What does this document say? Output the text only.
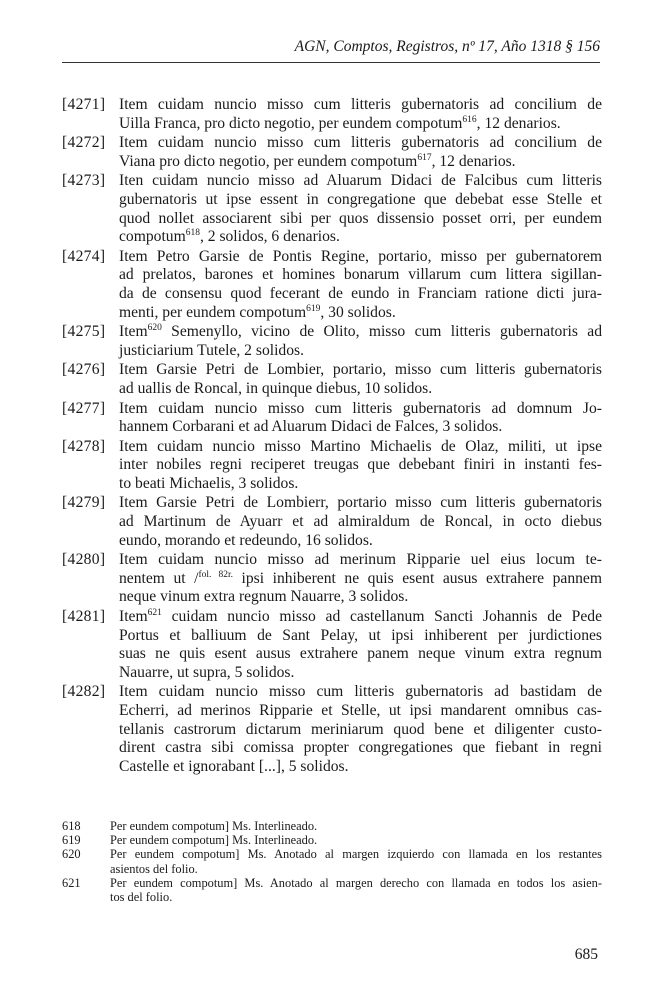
AGN, Comptos, Registros, nº 17, Año 1318 § 156
[4271] Item cuidam nuncio misso cum litteris gubernatoris ad concilium de
Uilla Franca, pro dicto negotio, per eundem compotum$^{616}$, 12 denarios.
[4272] Item cuidam nuncio misso cum litteris gubernatoris ad concilium de
Viana pro dicto negotio, per eundem compotum$^{617}$, 12 denarios.
[4273] Iten cuidam nuncio misso ad Aluarum Didaci de Falcibus cum litteris
gubernatoris ut ipse essent in congregatione que debebat esse Stelle et
quod nollet associarent sibi per quos dissensio posset orri, per eundem
compotum$^{618}$, 2 solidos, 6 denarios.
[4274] Item Petro Garsie de Pontis Regine, portario, misso per gubernatorem
ad prelatos, barones et homines bonarum villarum cum littera sigillan-
da de consensu quod fecerant de eundo in Franciam ratione dicti jura-
menti, per eundem compotum$^{619}$, 30 solidos.
[4275] Item$^{620}$ Semenyllo, vicino de Olito, misso cum litteris gubernatoris ad
justiciarium Tutele, 2 solidos.
[4276] Item Garsie Petri de Lombier, portario, misso cum litteris gubernatoris
ad uallis de Roncal, in quinque diebus, 10 solidos.
[4277] Item cuidam nuncio misso cum litteris gubernatoris ad domnum Jo-
hannem Corbarani et ad Aluarum Didaci de Falces, 3 solidos.
[4278] Item cuidam nuncio misso Martino Michaelis de Olaz, militi, ut ipse
inter nobiles regni reciperet treugas que debebant finiri in instanti fes-
to beati Michaelis, 3 solidos.
[4279] Item Garsie Petri de Lombierr, portario misso cum litteris gubernatoris
ad Martinum de Ayuarr et ad almiraldum de Roncal, in octo diebus
eundo, morando et redeundo, 16 solidos.
[4280] Item cuidam nuncio misso ad merinum Ripparie uel eius locum te-
nentem ut /$^{fol. 82r.}$ ipsi inhiberent ne quis esent ausus extrahere pannem
neque vinum extra regnum Nauarre, 3 solidos.
[4281] Item$^{621}$ cuidam nuncio misso ad castellanum Sancti Johannis de Pede
Portus et balliuum de Sant Pelay, ut ipsi inhiberent per jurdictiones
suas ne quis esent ausus extrahere panem neque vinum extra regnum
Nauarre, ut supra, 5 solidos.
[4282] Item cuidam nuncio misso cum litteris gubernatoris ad bastidam de
Echerri, ad merinos Ripparie et Stelle, ut ipsi mandarent omnibus cas-
tellanis castrorum dictarum meriniarum quod bene et diligenter custo-
dirent castra sibi comissa propter congregationes que fiebant in regni
Castelle et ignorabant [...], 5 solidos.
618	Per eundem compotum] Ms. Interlineado.
619	Per eundem compotum] Ms. Interlineado.
620	Per eundem compotum] Ms. Anotado al margen izquierdo con llamada en los restantes
asientos del folio.
621	Per eundem compotum] Ms. Anotado al margen derecho con llamada en todos los asien-
tos del folio.
685
